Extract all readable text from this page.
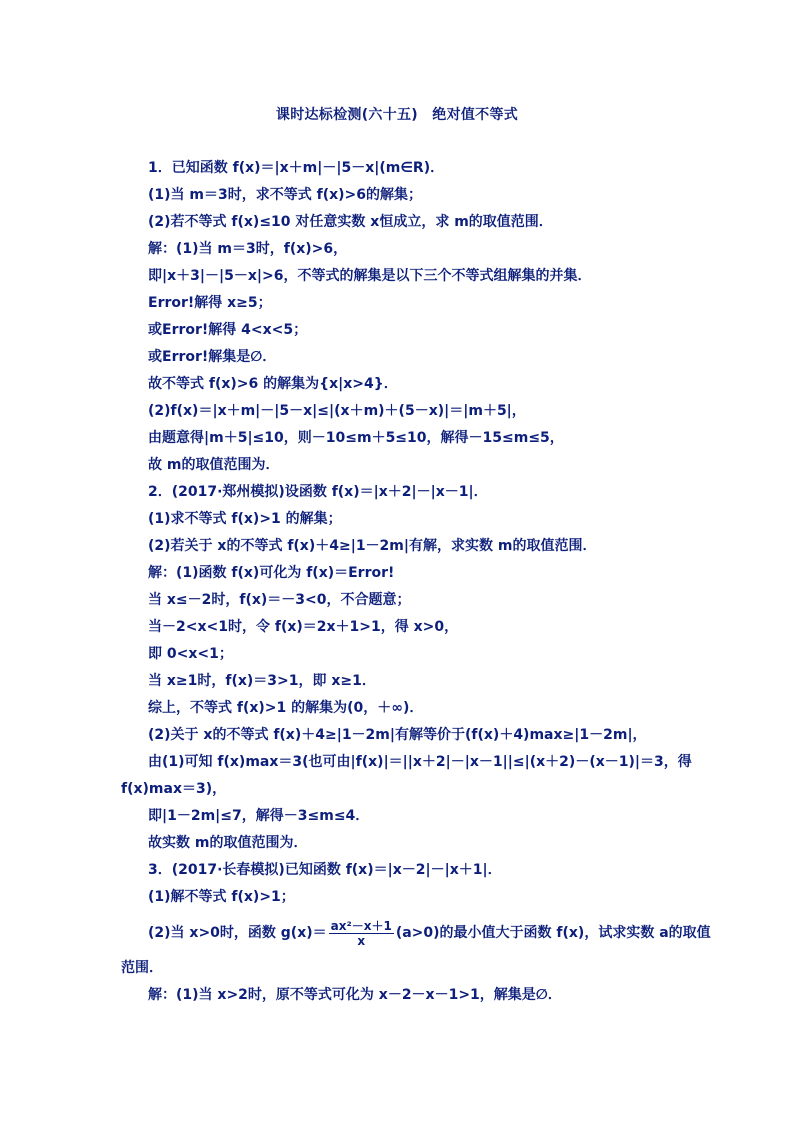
课时达标检测(六十五)　绝对值不等式
1．已知函数 f(x)＝|x＋m|－|5－x|(m∈R)．
(1)当 m＝3时，求不等式 f(x)>6的解集；
(2)若不等式 f(x)≤10 对任意实数 x恒成立，求 m的取值范围．
解：(1)当 m＝3时，f(x)>6，
即|x＋3|－|5－x|>6，不等式的解集是以下三个不等式组解集的并集．
Error!解得 x≥5；
或Error!解得 4<x<5；
或Error!解集是∅．
故不等式 f(x)>6 的解集为{x|x>4}．
(2)f(x)＝|x＋m|－|5－x|≤|(x＋m)＋(5－x)|＝|m＋5|，
由题意得|m＋5|≤10，则－10≤m＋5≤10，解得－15≤m≤5，
故 m的取值范围为．
2．(2017·郑州模拟)设函数 f(x)＝|x＋2|－|x－1|．
(1)求不等式 f(x)>1 的解集；
(2)若关于 x的不等式 f(x)＋4≥|1－2m|有解，求实数 m的取值范围．
解：(1)函数 f(x)可化为 f(x)＝Error!
当 x≤－2时，f(x)＝－3<0，不合题意；
当－2<x<1时，令 f(x)＝2x＋1>1，得 x>0，
即 0<x<1；
当 x≥1时，f(x)＝3>1，即 x≥1．
综上，不等式 f(x)>1 的解集为(0，＋∞)．
(2)关于 x的不等式 f(x)＋4≥|1－2m|有解等价于(f(x)＋4)max≥|1－2m|，
由(1)可知 f(x)max＝3(也可由|f(x)|＝||x＋2|－|x－1||≤|(x＋2)－(x－1)|＝3，得
f(x)max＝3)，
即|1－2m|≤7，解得－3≤m≤4．
故实数 m的取值范围为．
3．(2017·长春模拟)已知函数 f(x)＝|x－2|－|x＋1|．
(1)解不等式 f(x)>1；
(2)当 x>0时，函数 $g(x)= \frac{\text{ax²－x＋1}}{x} (a>0)$的最小值大于函数 f(x)，试求实数 a的取值
范围．
解：(1)当 x>2时，原不等式可化为 x－2－x－1>1，解集是∅．
